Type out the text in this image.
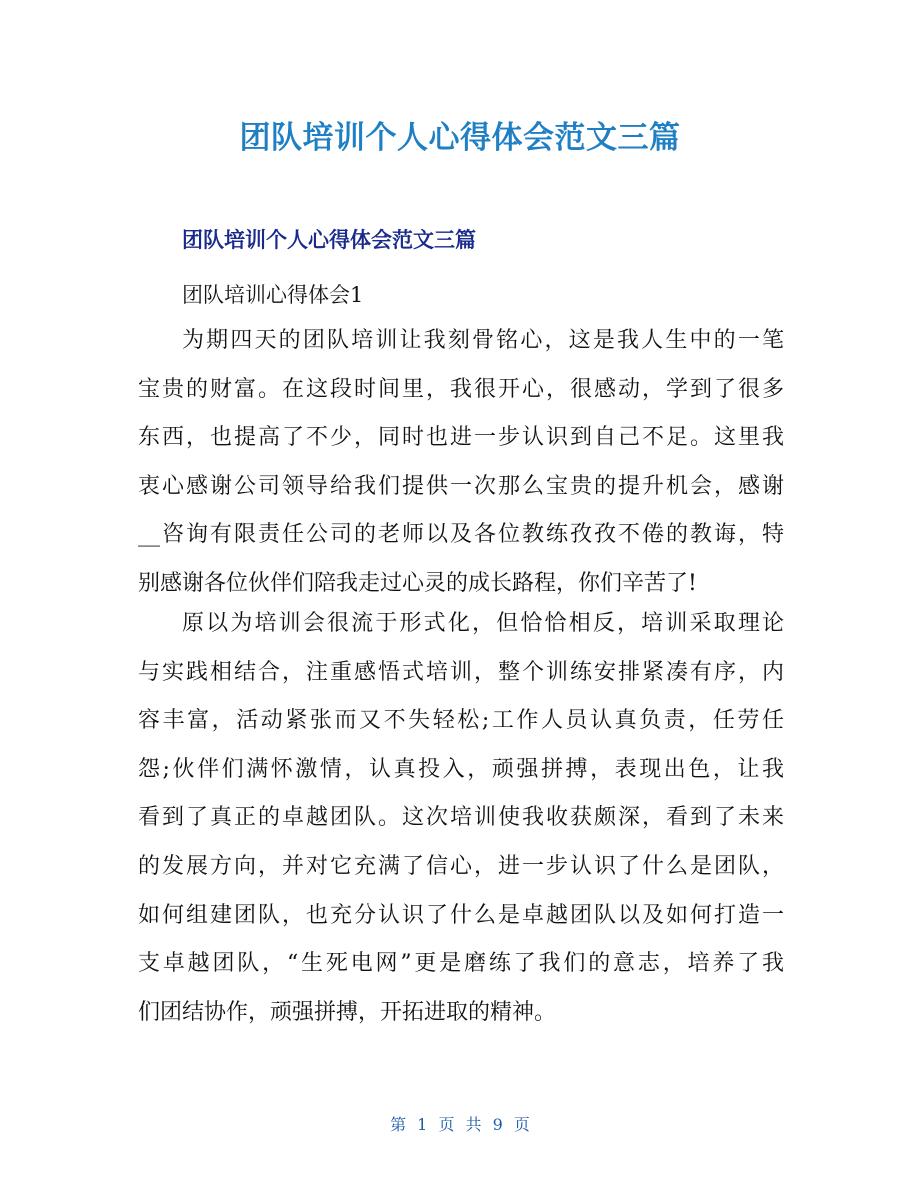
团队培训个人心得体会范文三篇
团队培训个人心得体会范文三篇
团队培训心得体会1
为期四天的团队培训让我刻骨铭心，这是我人生中的一笔
宝贵的财富。在这段时间里，我很开心，很感动，学到了很多
东西，也提高了不少，同时也进一步认识到自己不足。这里我
衷心感谢公司领导给我们提供一次那么宝贵的提升机会，感谢
__咨询有限责任公司的老师以及各位教练孜孜不倦的教诲，特
别感谢各位伙伴们陪我走过心灵的成长路程，你们辛苦了!
原以为培训会很流于形式化，但恰恰相反，培训采取理论
与实践相结合，注重感悟式培训，整个训练安排紧凑有序，内
容丰富，活动紧张而又不失轻松;工作人员认真负责，任劳任
怨;伙伴们满怀激情，认真投入，顽强拼搏，表现出色，让我
看到了真正的卓越团队。这次培训使我收获颇深，看到了未来
的发展方向，并对它充满了信心，进一步认识了什么是团队，
如何组建团队，也充分认识了什么是卓越团队以及如何打造一
支卓越团队，“生死电网”更是磨练了我们的意志，培养了我
们团结协作，顽强拼搏，开拓进取的精神。
第 1 页 共 9 页
